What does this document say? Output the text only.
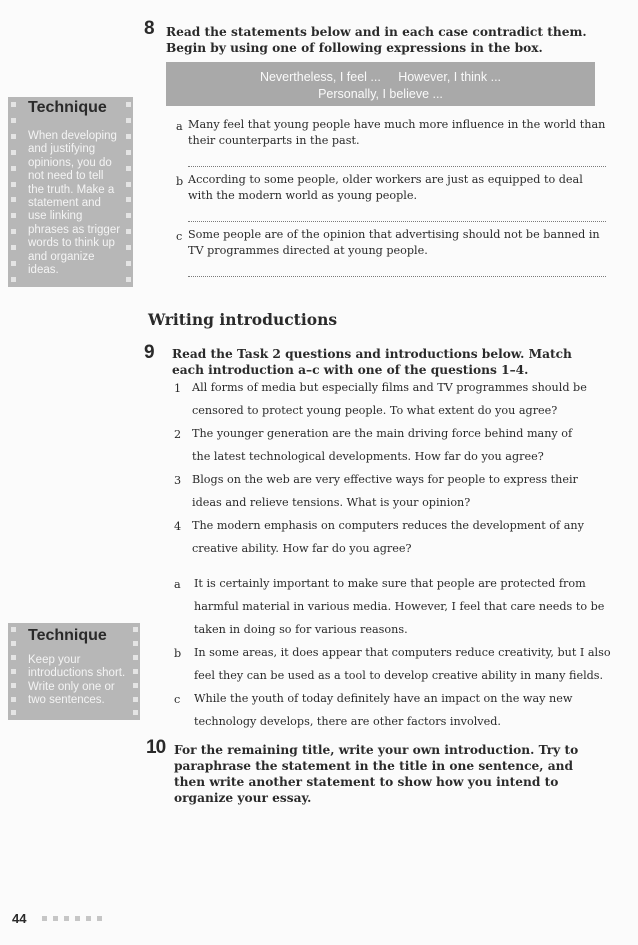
8 Read the statements below and in each case contradict them. Begin by using one of following expressions in the box.
Nevertheless, I feel ...     However, I think ...
Personally, I believe ...
Technique
When developing and justifying opinions, you do not need to tell the truth. Make a statement and use linking phrases as trigger words to think up and organize ideas.
a Many feel that young people have much more influence in the world than their counterparts in the past.
b According to some people, older workers are just as equipped to deal with the modern world as young people.
c Some people are of the opinion that advertising should not be banned in TV programmes directed at young people.
Writing introductions
9 Read the Task 2 questions and introductions below. Match each introduction a–c with one of the questions 1–4.
1 All forms of media but especially films and TV programmes should be censored to protect young people. To what extent do you agree?
2 The younger generation are the main driving force behind many of the latest technological developments. How far do you agree?
3 Blogs on the web are very effective ways for people to express their ideas and relieve tensions. What is your opinion?
4 The modern emphasis on computers reduces the development of any creative ability. How far do you agree?
a It is certainly important to make sure that people are protected from harmful material in various media. However, I feel that care needs to be taken in doing so for various reasons.
b In some areas, it does appear that computers reduce creativity, but I also feel they can be used as a tool to develop creative ability in many fields.
c While the youth of today definitely have an impact on the way new technology develops, there are other factors involved.
Technique
Keep your introductions short. Write only one or two sentences.
10 For the remaining title, write your own introduction. Try to paraphrase the statement in the title in one sentence, and then write another statement to show how you intend to organize your essay.
44
